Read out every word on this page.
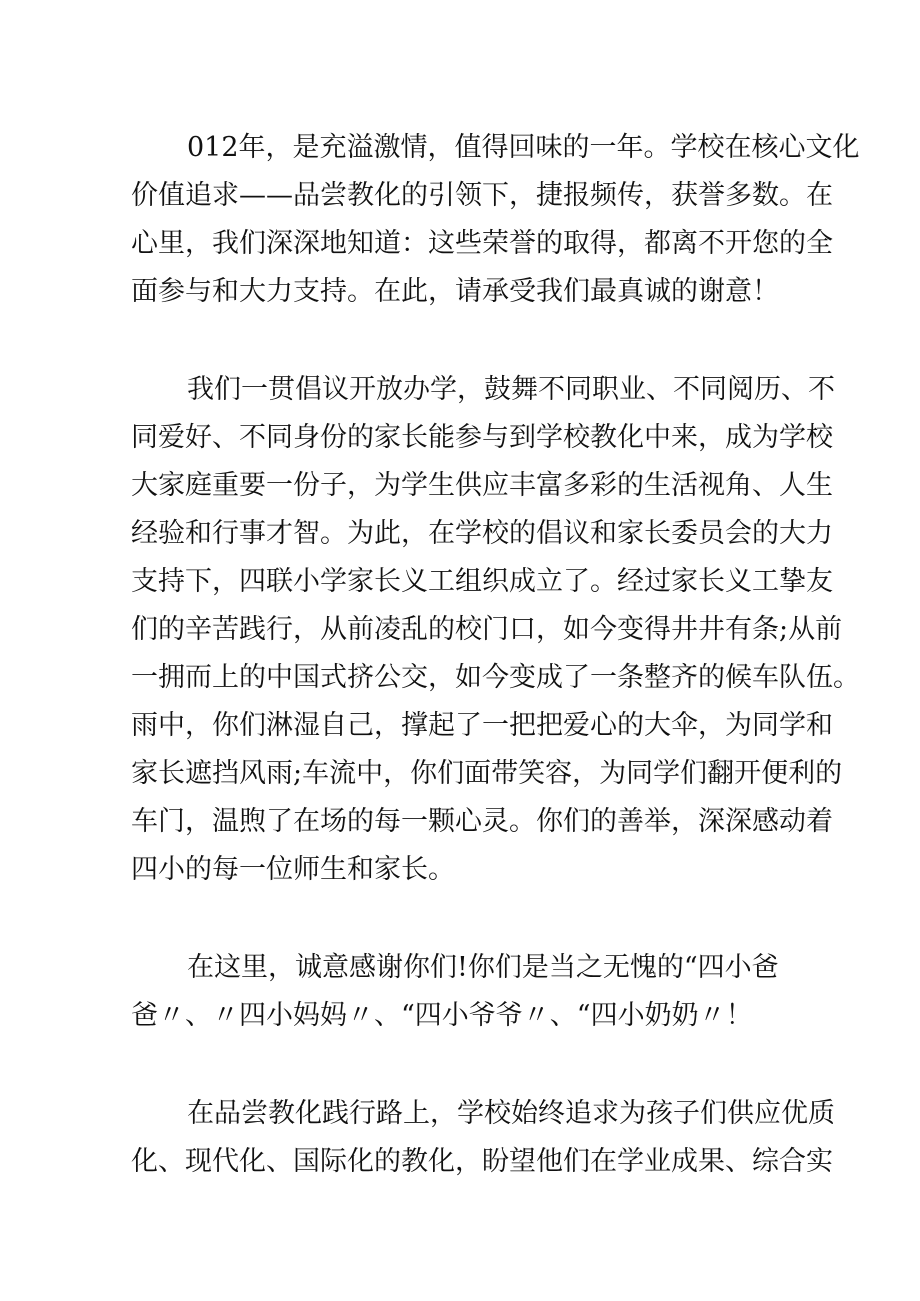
012年，是充溢激情，值得回味的一年。学校在核心文化
价值追求——品尝教化的引领下，捷报频传，获誉多数。在
心里，我们深深地知道：这些荣誉的取得，都离不开您的全
面参与和大力支持。在此，请承受我们最真诚的谢意！
我们一贯倡议开放办学，鼓舞不同职业、不同阅历、不
同爱好、不同身份的家长能参与到学校教化中来，成为学校
大家庭重要一份子，为学生供应丰富多彩的生活视角、人生
经验和行事才智。为此，在学校的倡议和家长委员会的大力
支持下，四联小学家长义工组织成立了。经过家长义工挚友
们的辛苦践行，从前凌乱的校门口，如今变得井井有条;从前
一拥而上的中国式挤公交，如今变成了一条整齐的候车队伍。
雨中，你们淋湿自己，撑起了一把把爱心的大伞，为同学和
家长遮挡风雨;车流中，你们面带笑容，为同学们翻开便利的
车门，温煦了在场的每一颗心灵。你们的善举，深深感动着
四小的每一位师生和家长。
在这里，诚意感谢你们!你们是当之无愧的“四小爸
爸〃、〃四小妈妈〃、“四小爷爷〃、“四小奶奶〃！
在品尝教化践行路上，学校始终追求为孩子们供应优质
化、现代化、国际化的教化，盼望他们在学业成果、综合实
